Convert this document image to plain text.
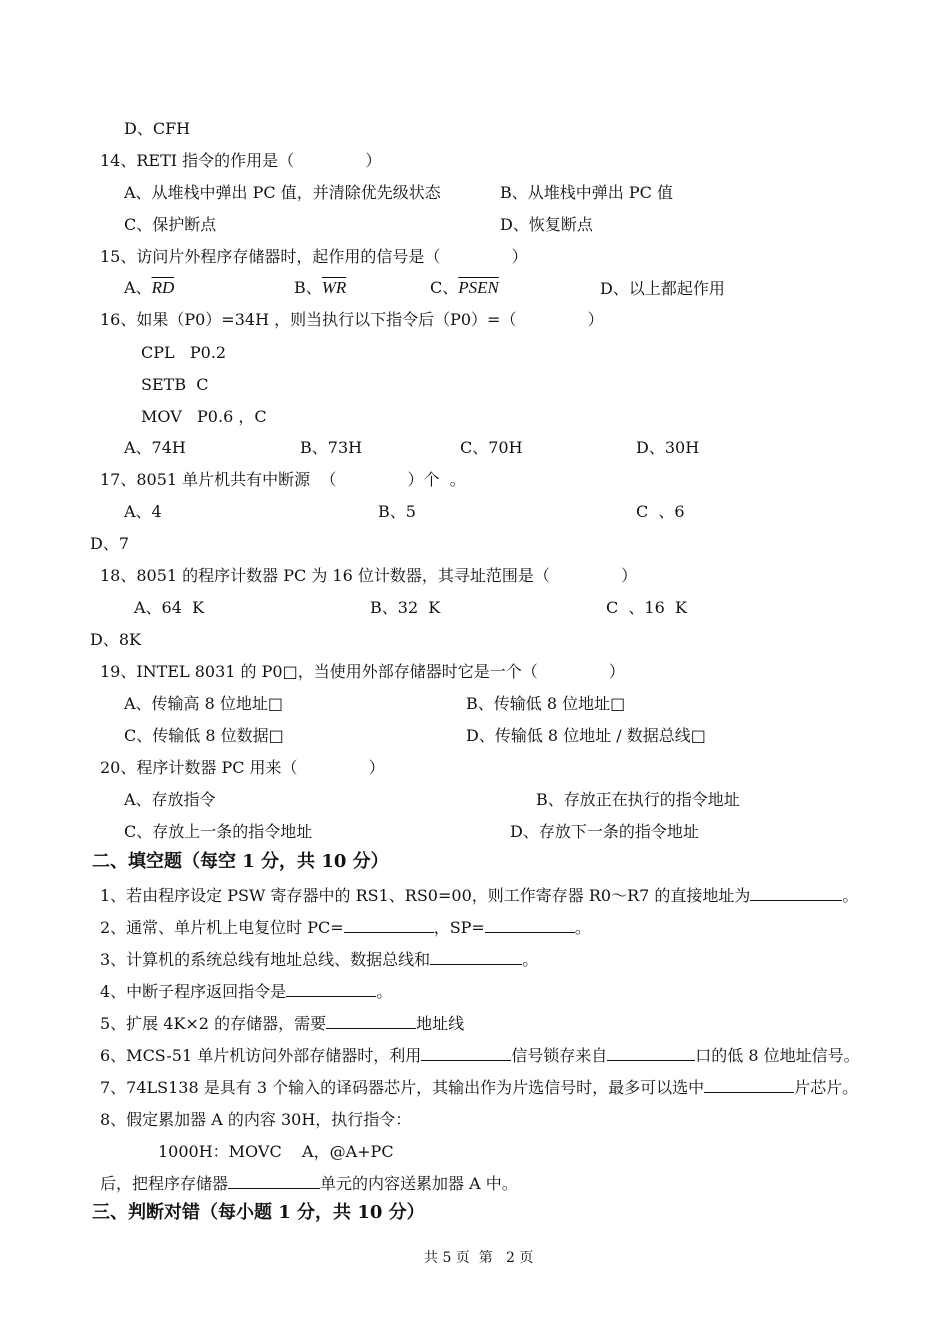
D、CFH
14、RETI 指令的作用是（              ）
A、从堆栈中弹出 PC 值，并清除优先级状态	B、从堆栈中弹出 PC 值
C、保护断点	D、恢复断点
15、访问片外程序存储器时，起作用的信号是（              ）
A、$\overline{RD}$	B、$\overline{WR}$	C、PSEN	D、以上都起作用
16、如果（P0）=34H ，则当执行以下指令后（P0）=（              ）
CPL   P0.2
SETB  C
MOV   P0.6 ，C
A、74H	B、73H	C、70H	D、30H
17、8051 单片机共有中断源  （              ）个  。
A、4	B、5	C  、6
D、7
18、8051 的程序计数器 PC 为 16 位计数器，其寻址范围是（              ）
A、64  K	B、32  K	C  、16  K
D、8K
19、INTEL 8031 的 P0□，当使用外部存储器时它是一个（              ）
A、传输高 8 位地址□	B、传输低 8 位地址□
C、传输低 8 位数据□	D、传输低 8 位地址 / 数据总线□
20、程序计数器 PC 用来（              ）
A、存放指令	B、存放正在执行的指令地址
C、存放上一条的指令地址	D、存放下一条的指令地址
二、填空题（每空 1 分，共 10 分）
1、若由程序设定 PSW 寄存器中的 RS1、RS0=00，则工作寄存器 R0～R7 的直接地址为	。
2、通常、单片机上电复位时 PC=	，SP=	。
3、计算机的系统总线有地址总线、数据总线和	。
4、中断子程序返回指令是	。
5、扩展 4K×2 的存储器，需要	地址线
6、MCS-51 单片机访问外部存储器时，利用	信号锁存来自	口的低 8 位地址信号。
7、74LS138 是具有 3 个输入的译码器芯片，其输出作为片选信号时，最多可以选中	片芯片。
8、假定累加器 A 的内容 30H，执行指令：
1000H：MOVC    A，@A+PC
后，把程序存储器	单元的内容送累加器 A 中。
三、判断对错（每小题 1 分，共 10 分）
共 5 页  第   2 页
